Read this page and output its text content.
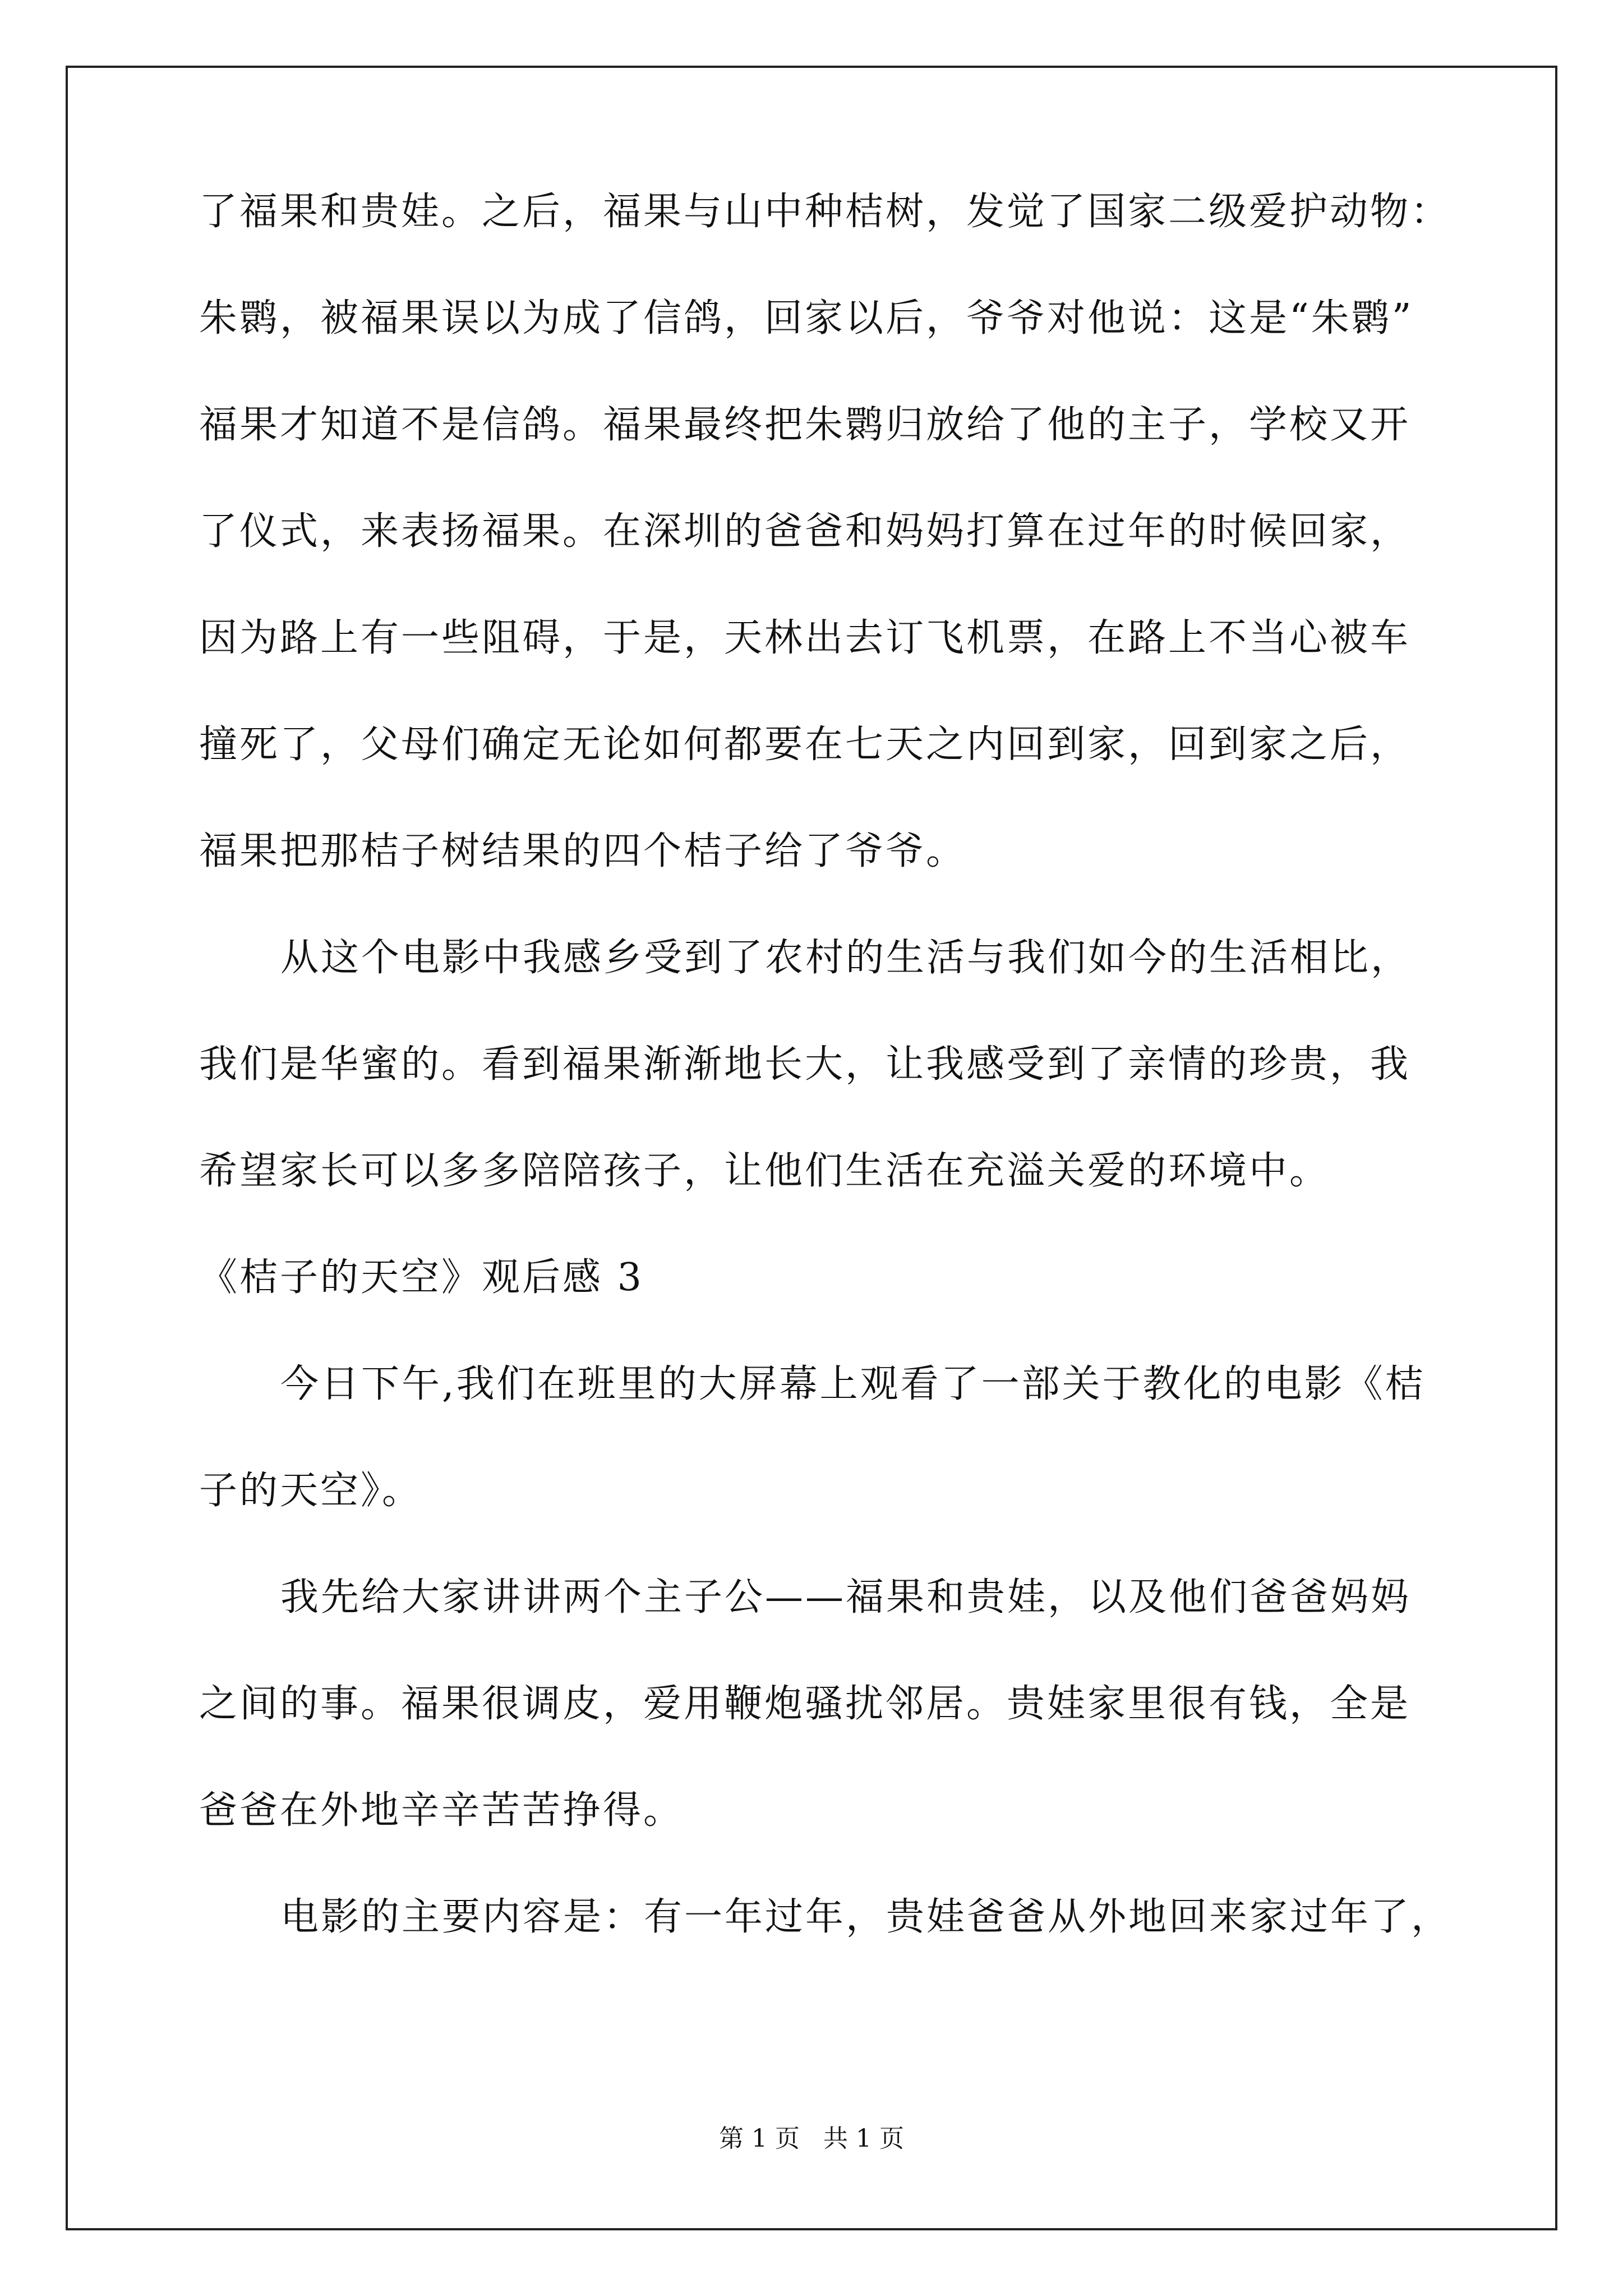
了福果和贵娃。之后，福果与山中种桔树，发觉了国家二级爱护动物：
朱鹮，被福果误以为成了信鸽，回家以后，爷爷对他说：这是“朱鹮”
福果才知道不是信鸽。福果最终把朱鹮归放给了他的主子，学校又开
了仪式，来表扬福果。在深圳的爸爸和妈妈打算在过年的时候回家，
因为路上有一些阻碍，于是，天林出去订飞机票，在路上不当心被车
撞死了，父母们确定无论如何都要在七天之内回到家，回到家之后，
福果把那桔子树结果的四个桔子给了爷爷。
从这个电影中我感乡受到了农村的生活与我们如今的生活相比，
我们是华蜜的。看到福果渐渐地长大，让我感受到了亲情的珍贵，我
希望家长可以多多陪陪孩子，让他们生活在充溢关爱的环境中。
《桔子的天空》观后感 3
今日下午,我们在班里的大屏幕上观看了一部关于教化的电影《桔
子的天空》。
我先给大家讲讲两个主子公——福果和贵娃，以及他们爸爸妈妈
之间的事。福果很调皮，爱用鞭炮骚扰邻居。贵娃家里很有钱，全是
爸爸在外地辛辛苦苦挣得。
电影的主要内容是：有一年过年，贵娃爸爸从外地回来家过年了，
第 1 页   共 1 页
